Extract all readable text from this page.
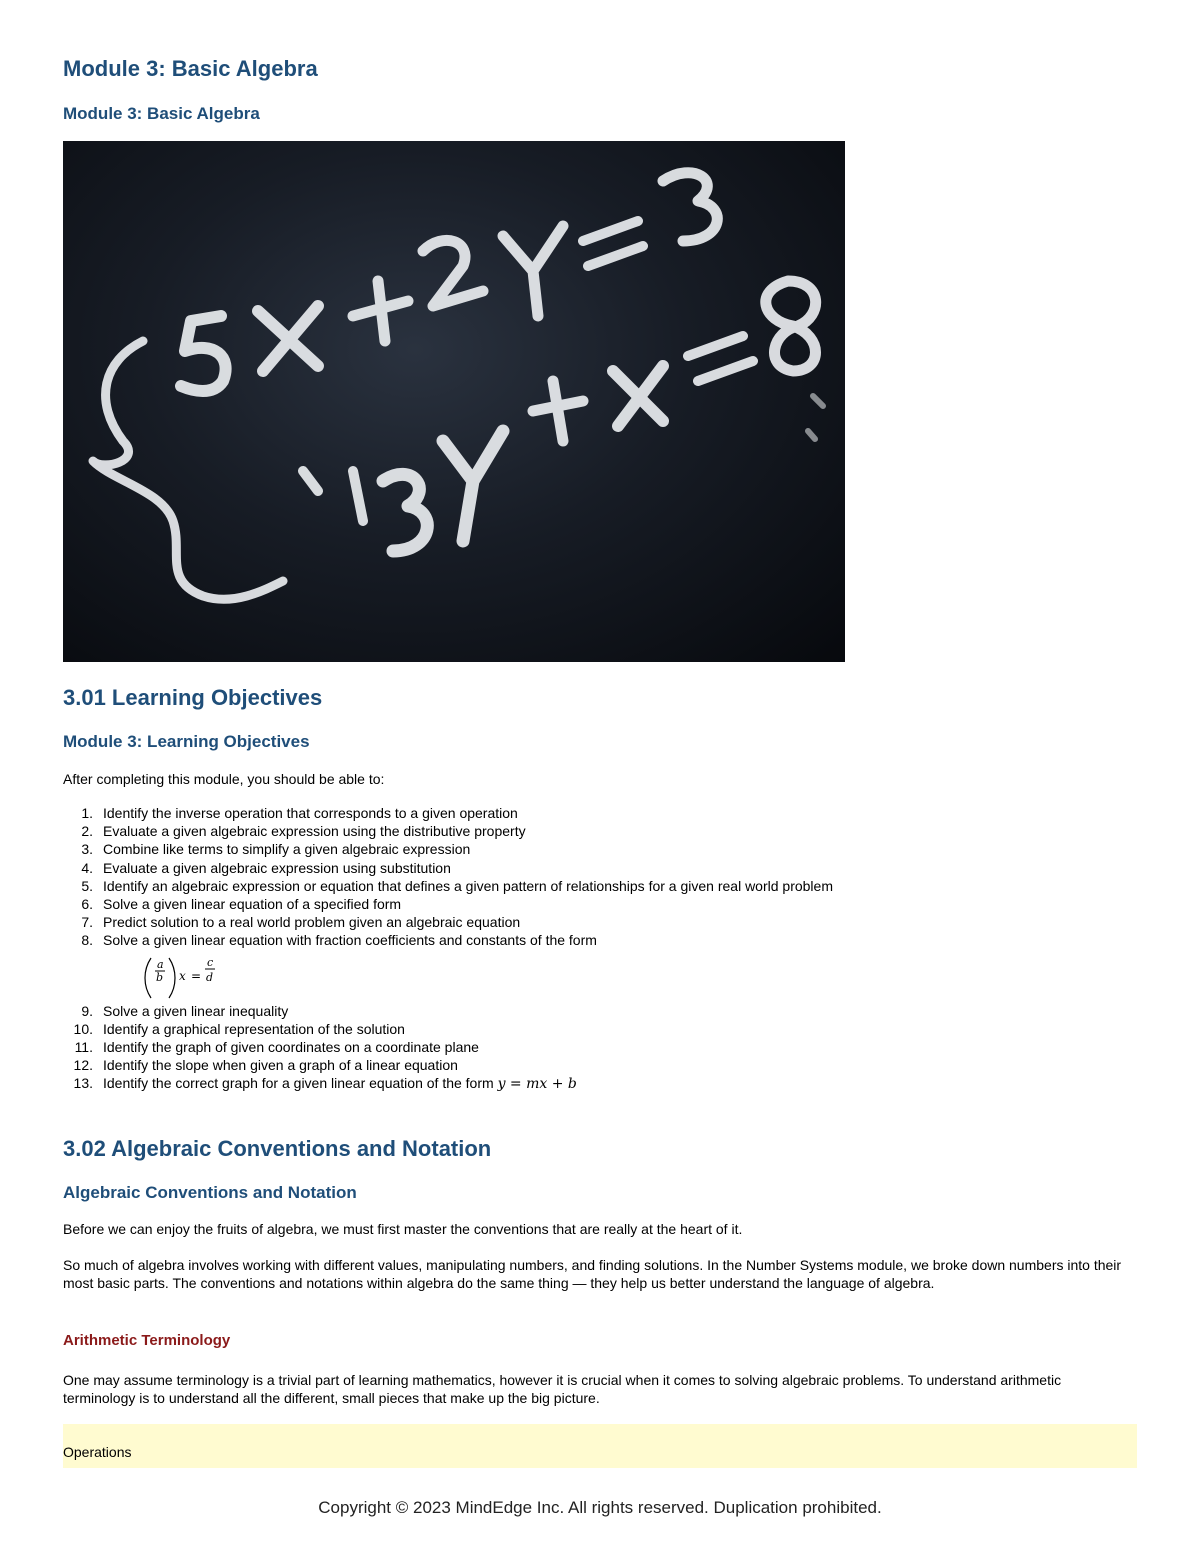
Module 3: Basic Algebra
Module 3: Basic Algebra
3.01 Learning Objectives
Module 3: Learning Objectives

After completing this module, you should be able to:

1. Identify the inverse operation that corresponds to a given operation
2. Evaluate a given algebraic expression using the distributive property
3. Combine like terms to simplify a given algebraic expression
4. Evaluate a given algebraic expression using substitution
5. Identify an algebraic expression or equation that defines a given pattern of relationships for a given real world problem
6. Solve a given linear equation of a specified form
7. Predict solution to a real world problem given an algebraic equation
8. Solve a given linear equation with fraction coefficients and constants of the form
a
b x =
c
d
9. Solve a given linear inequality
10. Identify a graphical representation of the solution
11. Identify the graph of given coordinates on a coordinate plane
12. Identify the slope when given a graph of a linear equation
13. Identify the correct graph for a given linear equation of the form y = mx + b
3.02 Algebraic Conventions and Notation
Algebraic Conventions and Notation

Before we can enjoy the fruits of algebra, we must first master the conventions that are really at the heart of it.

So much of algebra involves working with different values, manipulating numbers, and finding solutions. In the Number Systems module, we broke down numbers into their most basic parts. The conventions and notations within algebra do the same thing — they help us better understand the language of algebra.

Arithmetic Terminology

One may assume terminology is a trivial part of learning mathematics, however it is crucial when it comes to solving algebraic problems. To understand arithmetic terminology is to understand all the different, small pieces that make up the big picture.

Operations
Copyright © 2023 MindEdge Inc. All rights reserved. Duplication prohibited.
